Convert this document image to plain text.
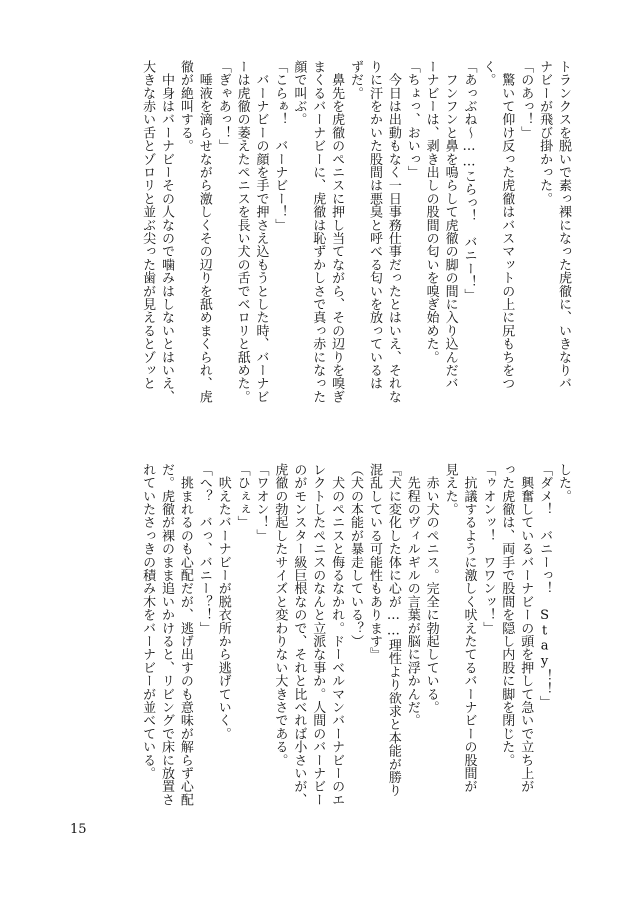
トランクスを脱いで素っ裸になった虎徹に、いきなりバ
ナビーが飛び掛かった。
「のあっ！」
　驚いて仰け反った虎徹はバスマットの上に尻もちをつ
く。
「あっぶね～……こらっ！　バニー！」
　フンフンと鼻を鳴らして虎徹の脚の間に入り込んだバ
ーナビーは、剥き出しの股間の匂いを嗅ぎ始めた。
「ちょっ、おいっ」
　今日は出動もなく一日事務仕事だったとはいえ、それな
りに汗をかいた股間は悪臭と呼べる匂いを放っているは
ずだ。
　鼻先を虎徹のペニスに押し当てながら、その辺りを嗅ぎ
まくるバーナビーに、虎徹は恥ずかしさで真っ赤になった
顔で叫ぶ。
「こらぁ！　バーナビー！」
　バーナビーの顔を手で押さえ込もうとした時、バーナビ
ーは虎徹の萎えたペニスを長い犬の舌でベロリと舐めた。
「ぎゃあっ！」
　唾液を滴らせながら激しくその辺りを舐めまくられ、虎
徹が絶叫する。
　中身はバーナビーその人なので噛みはしないとはいえ、
大きな赤い舌とゾロリと並ぶ尖った歯が見えるとゾッと
した。
「ダメ！　バニーっ！　Stay！！」
　興奮しているバーナビーの頭を押して急いで立ち上が
った虎徹は、両手で股間を隠し内股に脚を閉じた。
「ゥオンッ！　ワワンッ！」
　抗議するように激しく吠えたてるバーナビーの股間が
見えた。
　赤い犬のペニス。完全に勃起している。
　先程のヴィルギルの言葉が脳に浮かんだ。
『犬に変化した体に心が……理性より欲求と本能が勝り
混乱している可能性もあります』
（犬の本能が暴走している？）
　犬のペニスと侮るなかれ。ドーベルマンバーナビーのエ
レクトしたペニスのなんと立派な事か。人間のバーナビー
のがモンスター級巨根なので、それと比べれば小さいが、
虎徹の勃起したサイズと変わりない大きさである。
「ワオン！」
「ひぇぇ」
　吠えたバーナビーが脱衣所から逃げていく。
「へ？　バっ、バニー？！」
　挑まれるのも心配だが、逃げ出すのも意味が解らず心配
だ。虎徹が裸のまま追いかけると、リビングで床に放置さ
れていたさっきの積み木をバーナビーが並べている。
15
